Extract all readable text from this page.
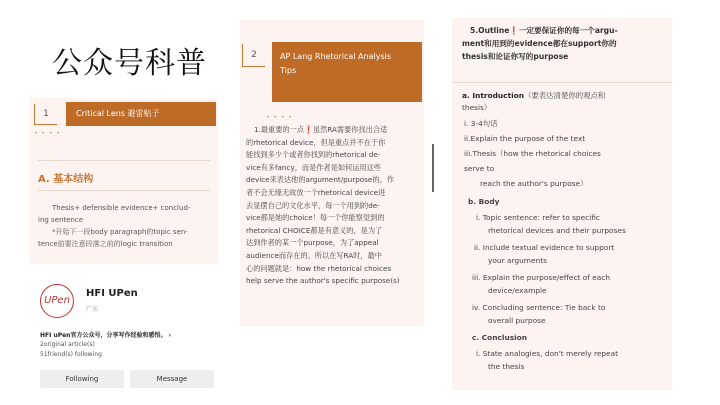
公众号科普
1	Critical Lens 避雷贴子
• • • •
A. 基本结构
Thesis+ defensible evidence+ conclud-
ing sentence
*开始下一段body paragraph的topic sen-
tence前要注意段落之前的logic transition
UPen
HFI UPen
广东
HFI uPen官方公众号，分享写作经验和感悟。 ›
2original article(s)
51friend(s) following
Following	Message
2	AP Lang Rhetorical Analysis
Tips
• • • •
1.最重要的一点❗虽然RA需要你找出合适
的rhetorical device，但是重点并不在于你
能找到多少个或者你找到的rhetorical de-
vice有多fancy，而是作者是如何运用这些
device来表达他的argument/purpose的。作
者不会无缘无故放一个rhetorical device进
去显摆自己的文化水平，每一个用到的de-
vice都是她的choice！每一个你能察觉到的
rhetorical CHOICE都是有意义的，是为了
达到作者的某一个purpose，为了appeal
audience而存在的。所以在写RA时，最中
心的问题就是：how the rhetorical choices
help serve the author's specific purpose(s)
5.Outline❗一定要保证你的每一个argu-
ment和用到的evidence都在support你的
thesis和论证你写的purpose
a. Introduction（要表达清楚你的观点和
thesis）
i. 3-4句话
ii.Explain the purpose of the text
iii.Thesis（how the rhetorical choices
serve to
reach the author's purpose）
b. Body
i. Topic sentence: refer to specific
rhetorical devices and their purposes
ii. Include textual evidence to support
your arguments
iii. Explain the purpose/effect of each
device/example
iv. Concluding sentence: Tie back to
overall purpose
c. Conclusion
i. State analogies, don't merely repeat
the thesis
